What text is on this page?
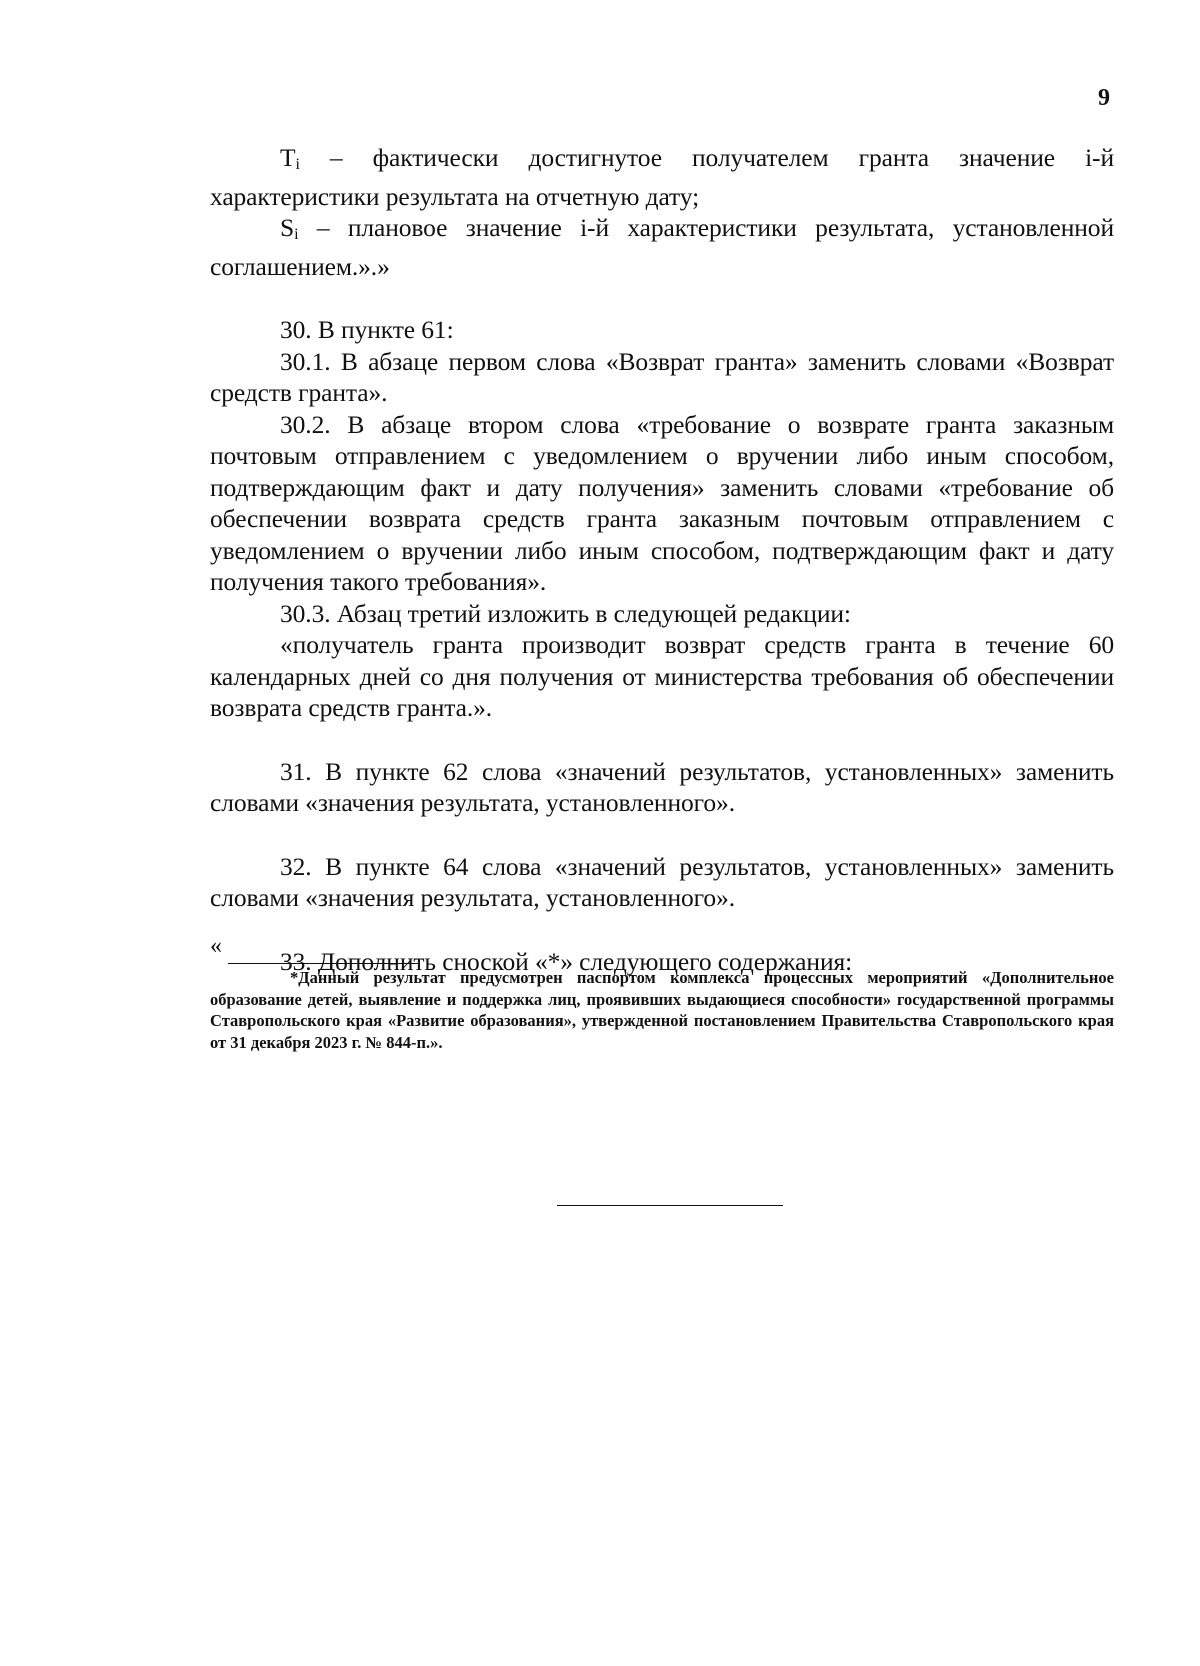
9

Ti – фактически достигнутое получателем гранта значение i-й характеристики результата на отчетную дату;

Si – плановое значение i-й характеристики результата, установленной соглашением.».»

30. В пункте 61:

30.1. В абзаце первом слова «Возврат гранта» заменить словами «Возврат средств гранта».

30.2. В абзаце втором слова «требование о возврате гранта заказным почтовым отправлением с уведомлением о вручении либо иным способом, подтверждающим факт и дату получения» заменить словами «требование об обеспечении возврата средств гранта заказным почтовым отправлением с уведомлением о вручении либо иным способом, подтверждающим факт и дату получения такого требования».

30.3. Абзац третий изложить в следующей редакции:

«получатель гранта производит возврат средств гранта в течение 60 календарных дней со дня получения от министерства требования об обеспечении возврата средств гранта.».

31. В пункте 62 слова «значений результатов, установленных» заменить словами «значения результата, установленного».

32. В пункте 64 слова «значений результатов, установленных» заменить словами «значения результата, установленного».

33. Дополнить сноской «*» следующего содержания:

«

*Данный результат предусмотрен паспортом комплекса процессных мероприятий «Дополнительное образование детей, выявление и поддержка лиц, проявивших выдающиеся способности» государственной программы Ставропольского края «Развитие образования», утвержденной постановлением Правительства Ставропольского края от 31 декабря 2023 г. № 844-п.».
